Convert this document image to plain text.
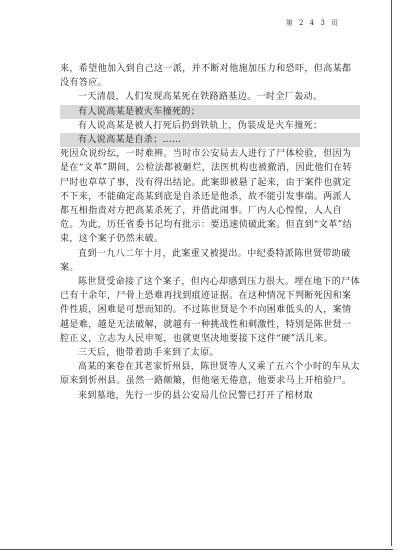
第 2 4 3 页

来，希望他加入到自己这一派，并不断对他施加压力和恐吓，但高某都没有答应。

一天清晨，人们发现高某死在铁路路基边。一时全厂轰动。

有人说高某是被火车撞死的；

有人说高某是被人打死后扔到铁轨上，伪装成是火车撞死；

有人说高某是自杀；……

死因众说纷纭，一时难辨。当时市公安局去人进行了尸体检验，但因为是在“文革”期间，公检法都被砸烂，法医机构也被撤消，因此他们在转尸时也草草了事，没有得出结论。此案即被悬了起来，由于案件也就定不下来，不能确定高某到底是自杀还是他杀，故不能引发事端。两派人都互相指责对方把高某杀死了，并借此闹事。厂内人心惶惶，人人自危。为此，历任省委书记均有批示：要迅速侦破此案。但直到“文革”结束，这个案子仍然未破。

直到一九八二年十月，此案重又被提出。中纪委特派陈世贤带助破案。

陈世贤受命接了这个案子，但内心却感到压力很大。埋在地下的尸体已有十余年，尸骨上恐难再找到痕迹证据。在这种情况下判断死因和案件性质，困难是可想而知的。不过陈世贤是个不向困难低头的人，案情越是难，越是无法破解，就越有一种挑战性和刺激性，特别是陈世贤一腔正义，立志为人民申冤，也就更坚决地要接下这件“硬”活儿来。

三天后，他带着助手来到了太原。

高某的案卷在其老家忻州县，陈世贤等人又乘了五六个小时的车从太原来到忻州县。虽然一路颠簸，但他毫无倦意，他要求马上开棺验尸。

来到墓地，先行一步的县公安局几位民警已打开了棺材取
